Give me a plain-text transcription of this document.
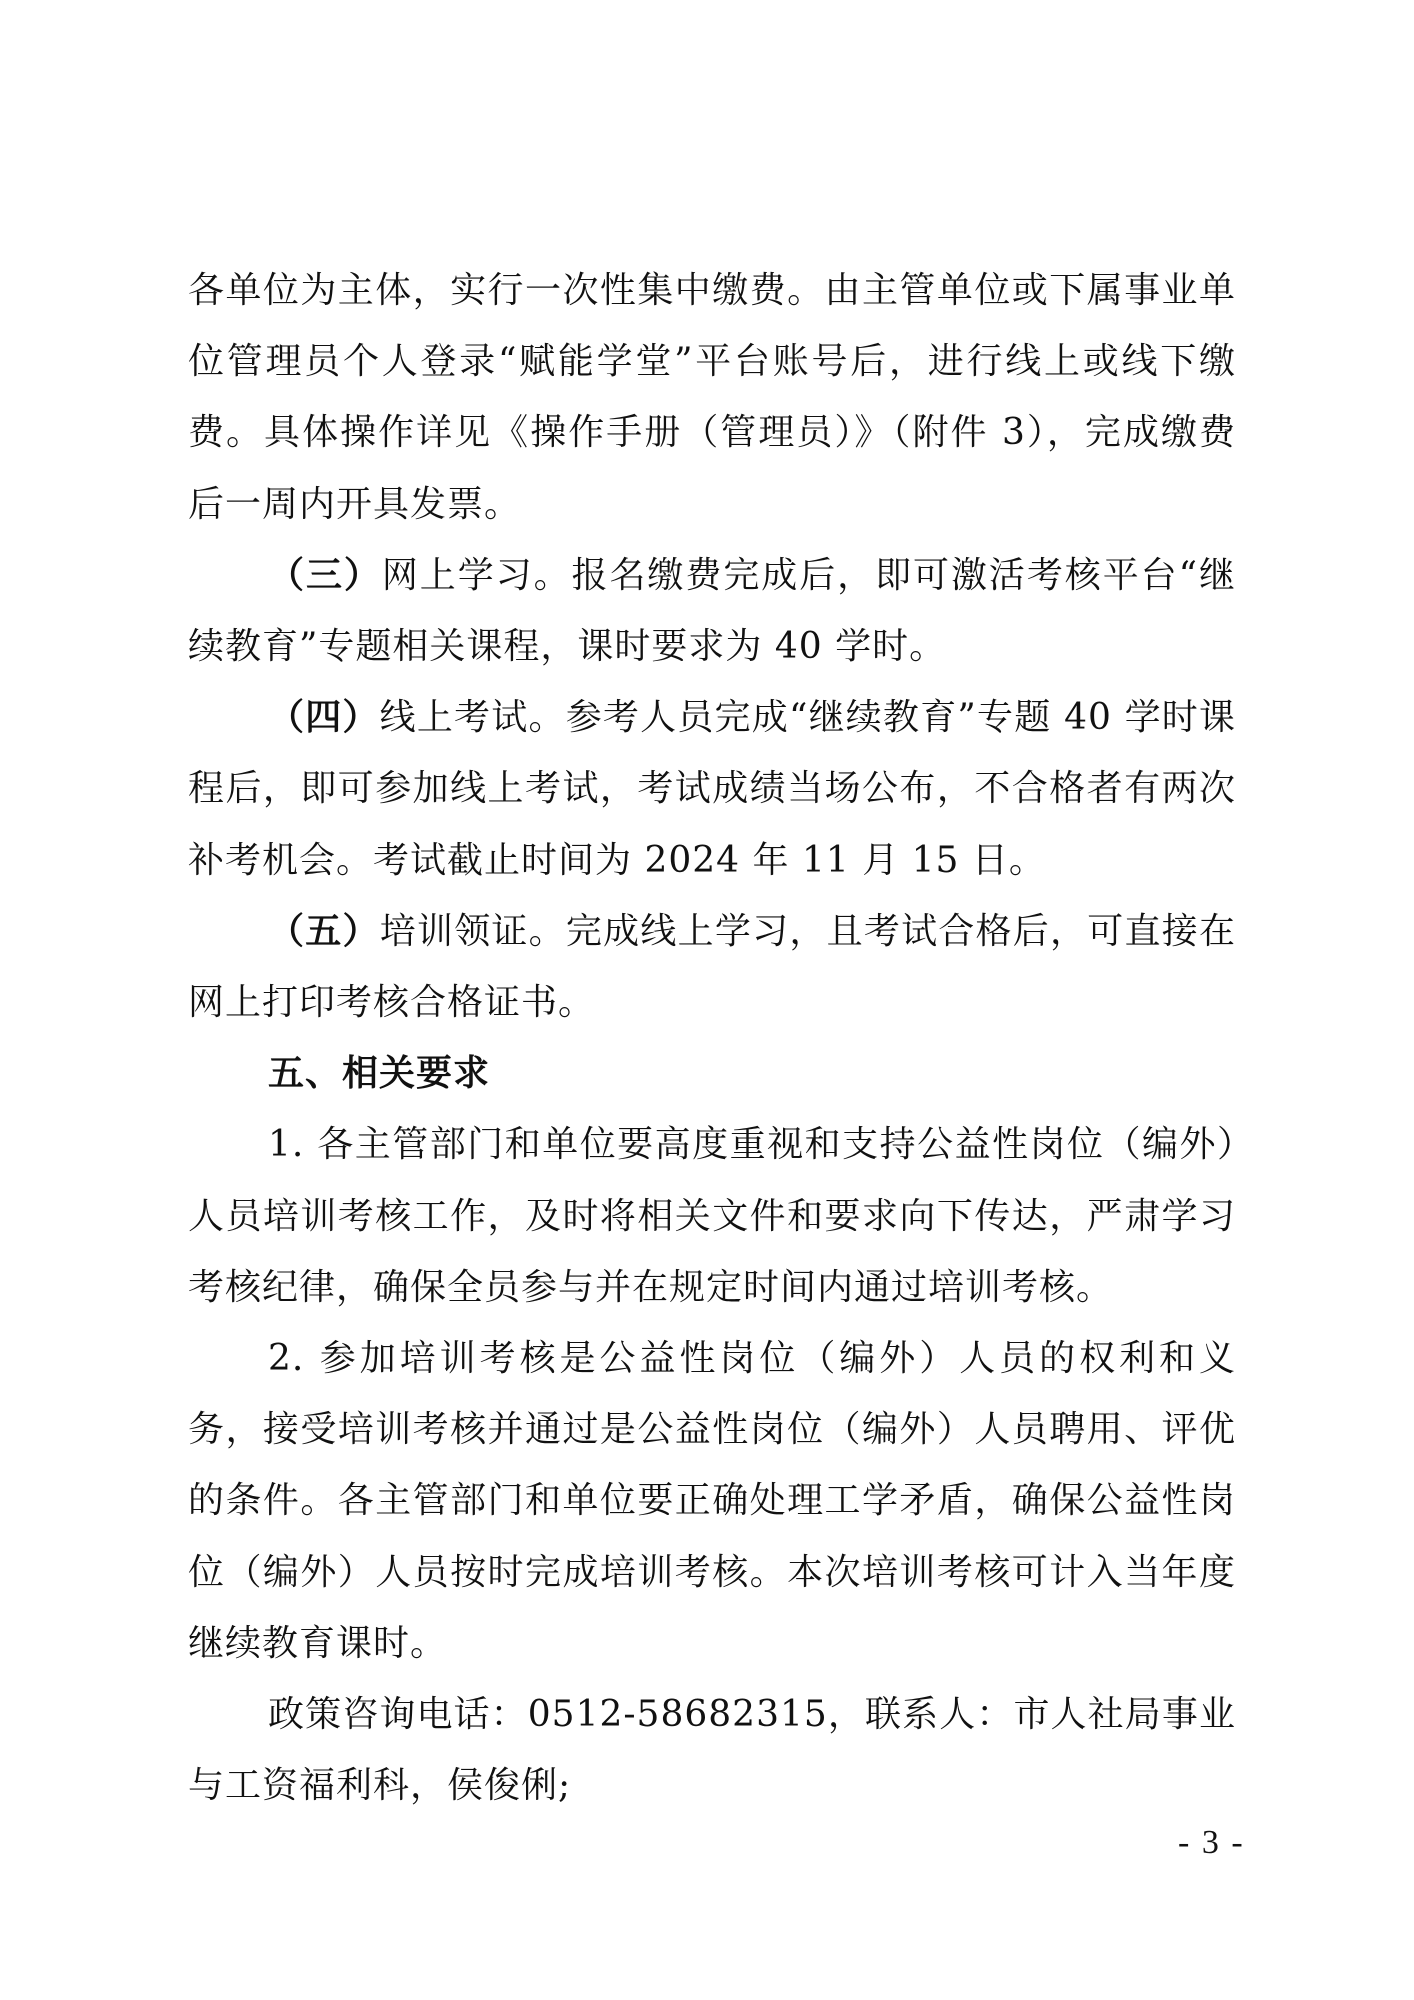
各单位为主体，实行一次性集中缴费。由主管单位或下属事业单位管理员个人登录“赋能学堂”平台账号后，进行线上或线下缴费。具体操作详见《操作手册（管理员）》（附件 3），完成缴费后一周内开具发票。

（三）网上学习。报名缴费完成后，即可激活考核平台“继续教育”专题相关课程，课时要求为 40 学时。

（四）线上考试。参考人员完成“继续教育”专题 40 学时课程后，即可参加线上考试，考试成绩当场公布，不合格者有两次补考机会。考试截止时间为 2024 年 11 月 15 日。

（五）培训领证。完成线上学习，且考试合格后，可直接在网上打印考核合格证书。

五、相关要求

1. 各主管部门和单位要高度重视和支持公益性岗位（编外）人员培训考核工作，及时将相关文件和要求向下传达，严肃学习考核纪律，确保全员参与并在规定时间内通过培训考核。

2. 参加培训考核是公益性岗位（编外）人员的权利和义务，接受培训考核并通过是公益性岗位（编外）人员聘用、评优的条件。各主管部门和单位要正确处理工学矛盾，确保公益性岗位（编外）人员按时完成培训考核。本次培训考核可计入当年度继续教育课时。

政策咨询电话：0512-58682315，联系人：市人社局事业与工资福利科，侯俊俐;

- 3 -
